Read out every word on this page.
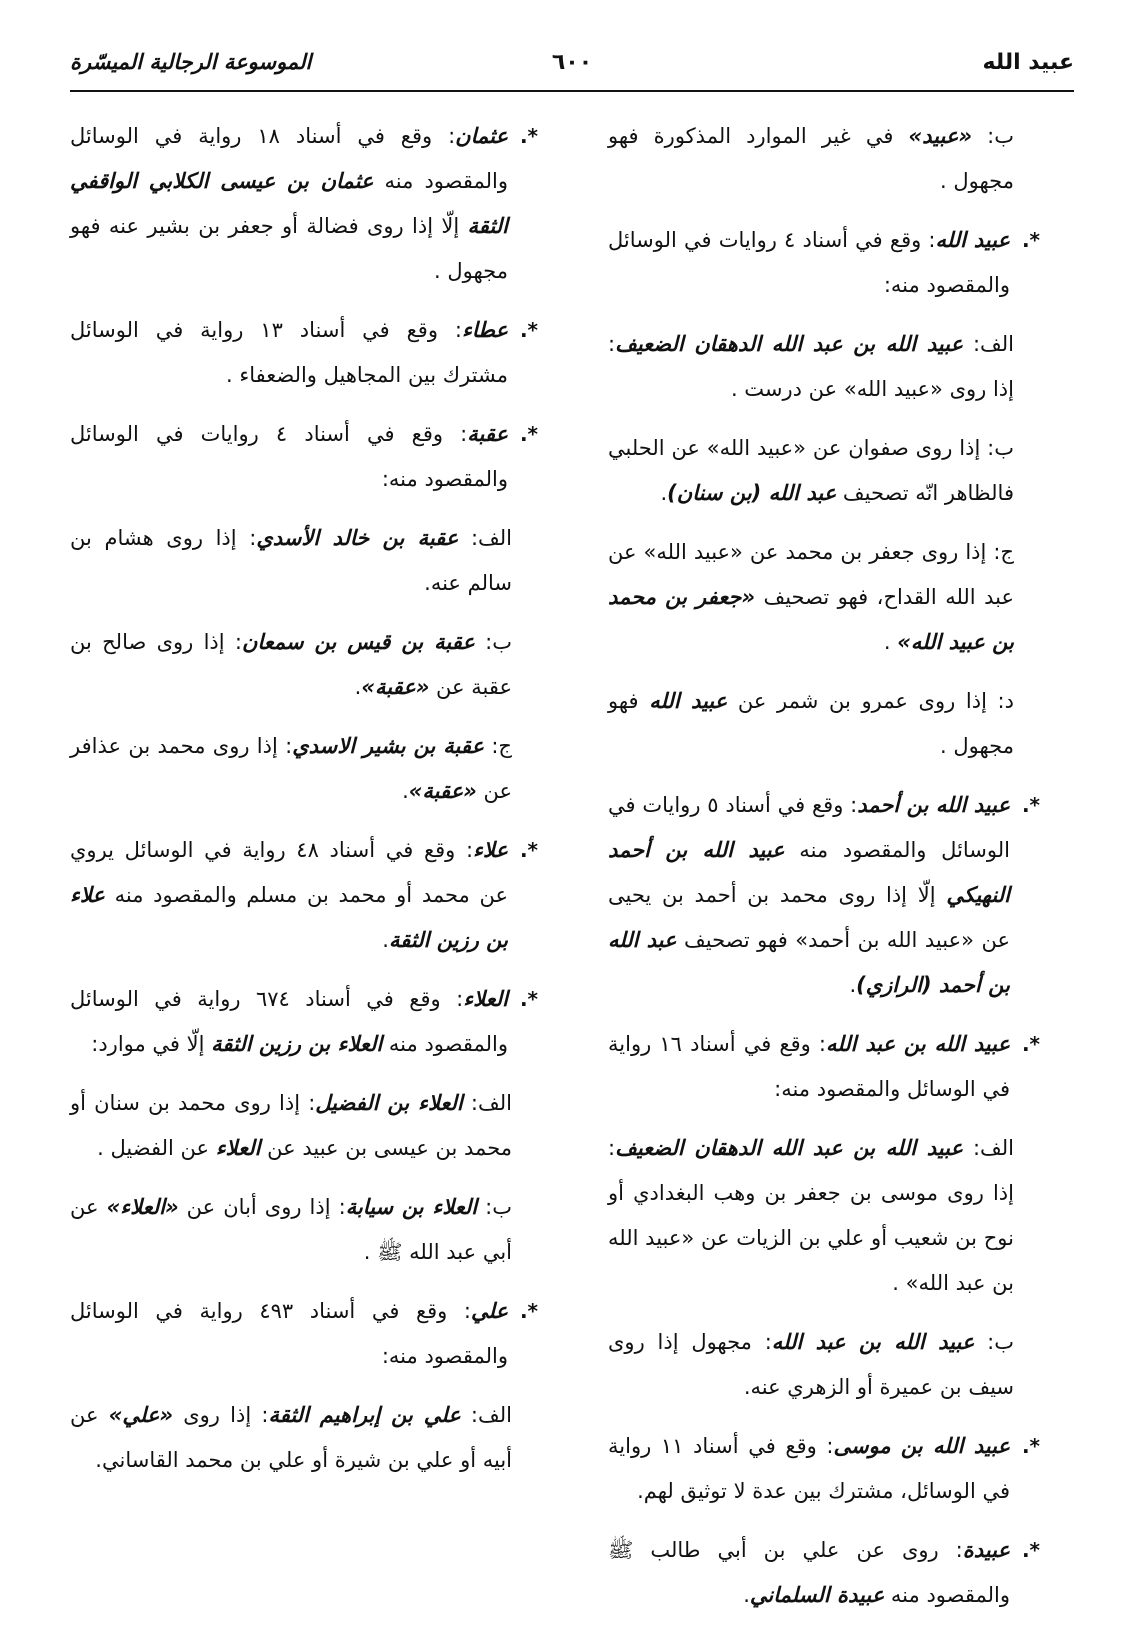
عبيد الله
٦٠٠
الموسوعة الرجالية الميسّرة
ب: «عبيد» في غير الموارد المذكورة فهو مجهول .
*.
عبيد الله: وقع في أسناد ٤ روايات في الوسائل والمقصود منه:
الف: عبيد الله بن عبد الله الدهقان الضعيف: إذا روى «عبيد الله» عن درست .
ب: إذا روى صفوان عن «عبيد الله» عن الحلبي فالظاهر انّه تصحيف عبد الله (بن سنان).
ج: إذا روى جعفر بن محمد عن «عبيد الله» عن عبد الله القداح، فهو تصحيف «جعفر بن محمد بن عبيد الله» .
د: إذا روى عمرو بن شمر عن عبيد الله فهو مجهول .
*.
عبيد الله بن أحمد: وقع في أسناد ٥ روايات في الوسائل والمقصود منه عبيد الله بن أحمد النهيكي إلّا إذا روى محمد بن أحمد بن يحيى عن «عبيد الله بن أحمد» فهو تصحيف عبد الله بن أحمد (الرازي).
*.
عبيد الله بن عبد الله: وقع في أسناد ١٦ رواية في الوسائل والمقصود منه:
الف: عبيد الله بن عبد الله الدهقان الضعيف: إذا روى موسى بن جعفر بن وهب البغدادي أو نوح بن شعيب أو علي بن الزيات عن «عبيد الله بن عبد الله» .
ب: عبيد الله بن عبد الله: مجهول إذا روى سيف بن عميرة أو الزهري عنه.
*.
عبيد الله بن موسى: وقع في أسناد ١١ رواية في الوسائل، مشترك بين عدة لا توثيق لهم.
*.
عبيدة: روى عن علي بن أبي طالب ﷺ والمقصود منه عبيدة السلماني.
*.
عثمان: وقع في أسناد ١٨ رواية في الوسائل والمقصود منه عثمان بن عيسى الكلابي الواقفي الثقة إلّا إذا روى فضالة أو جعفر بن بشير عنه فهو مجهول .
*.
عطاء: وقع في أسناد ١٣ رواية في الوسائل مشترك بين المجاهيل والضعفاء .
*.
عقبة: وقع في أسناد ٤ روايات في الوسائل والمقصود منه:
الف: عقبة بن خالد الأسدي: إذا روى هشام بن سالم عنه.
ب: عقبة بن قيس بن سمعان: إذا روى صالح بن عقبة عن «عقبة».
ج: عقبة بن بشير الاسدي: إذا روى محمد بن عذافر عن «عقبة».
*.
علاء: وقع في أسناد ٤٨ رواية في الوسائل يروي عن محمد أو محمد بن مسلم والمقصود منه علاء بن رزين الثقة.
*.
العلاء: وقع في أسناد ٦٧٤ رواية في الوسائل والمقصود منه العلاء بن رزين الثقة إلّا في موارد:
الف: العلاء بن الفضيل: إذا روى محمد بن سنان أو محمد بن عيسى بن عبيد عن العلاء عن الفضيل .
ب: العلاء بن سيابة: إذا روى أبان عن «العلاء» عن أبي عبد الله ﷺ .
*.
علي: وقع في أسناد ٤٩٣ رواية في الوسائل والمقصود منه:
الف: علي بن إبراهيم الثقة: إذا روى «علي» عن أبيه أو علي بن شيرة أو علي بن محمد القاساني.
